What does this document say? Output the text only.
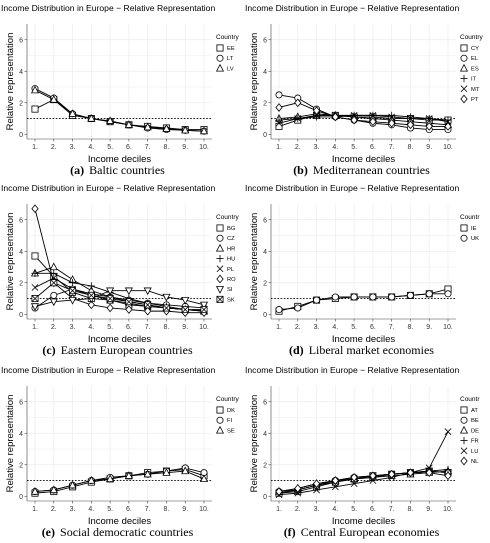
Income Distribution in Europe − Relative Representation
0
2
4
6
1. 2. 3. 4. 5. 6. 7. 8. 9. 10.
Income deciles
Relative representation	Country
EE
LT
LV
(a) Baltic countries
Income Distribution in Europe − Relative Representation
0
2
4
6
1. 2. 3. 4. 5. 6. 7. 8. 9. 10.
Income deciles
Relative representation	Country
CY
EL
ES
IT
MT
PT
(b) Mediterranean countries
Income Distribution in Europe − Relative Representation
0
2
4
6
1. 2. 3. 4. 5. 6. 7. 8. 9. 10.
Income deciles
Relative representation	Country
BG
CZ
HR
HU
PL
RO
SI
SK
(c) Eastern European countries
Income Distribution in Europe − Relative Representation
0
2
4
6
1. 2. 3. 4. 5. 6. 7. 8. 9. 10.
Income deciles
Relative representation	Countr
IE
UK
(d) Liberal market economies
Income Distribution in Europe − Relative Representation
0
2
4
6
1. 2. 3. 4. 5. 6. 7. 8. 9. 10.
Income deciles
Relative representation	Country
DK
FI
SE
(e) Social democratic countries
Income Distribution in Europe − Relative Representation
0
2
4
6
1. 2. 3. 4. 5. 6. 7. 8. 9. 10.
Income deciles
Relative representation	Countr
AT
BE
DE
FR
LU
NL
(f) Central European economies
